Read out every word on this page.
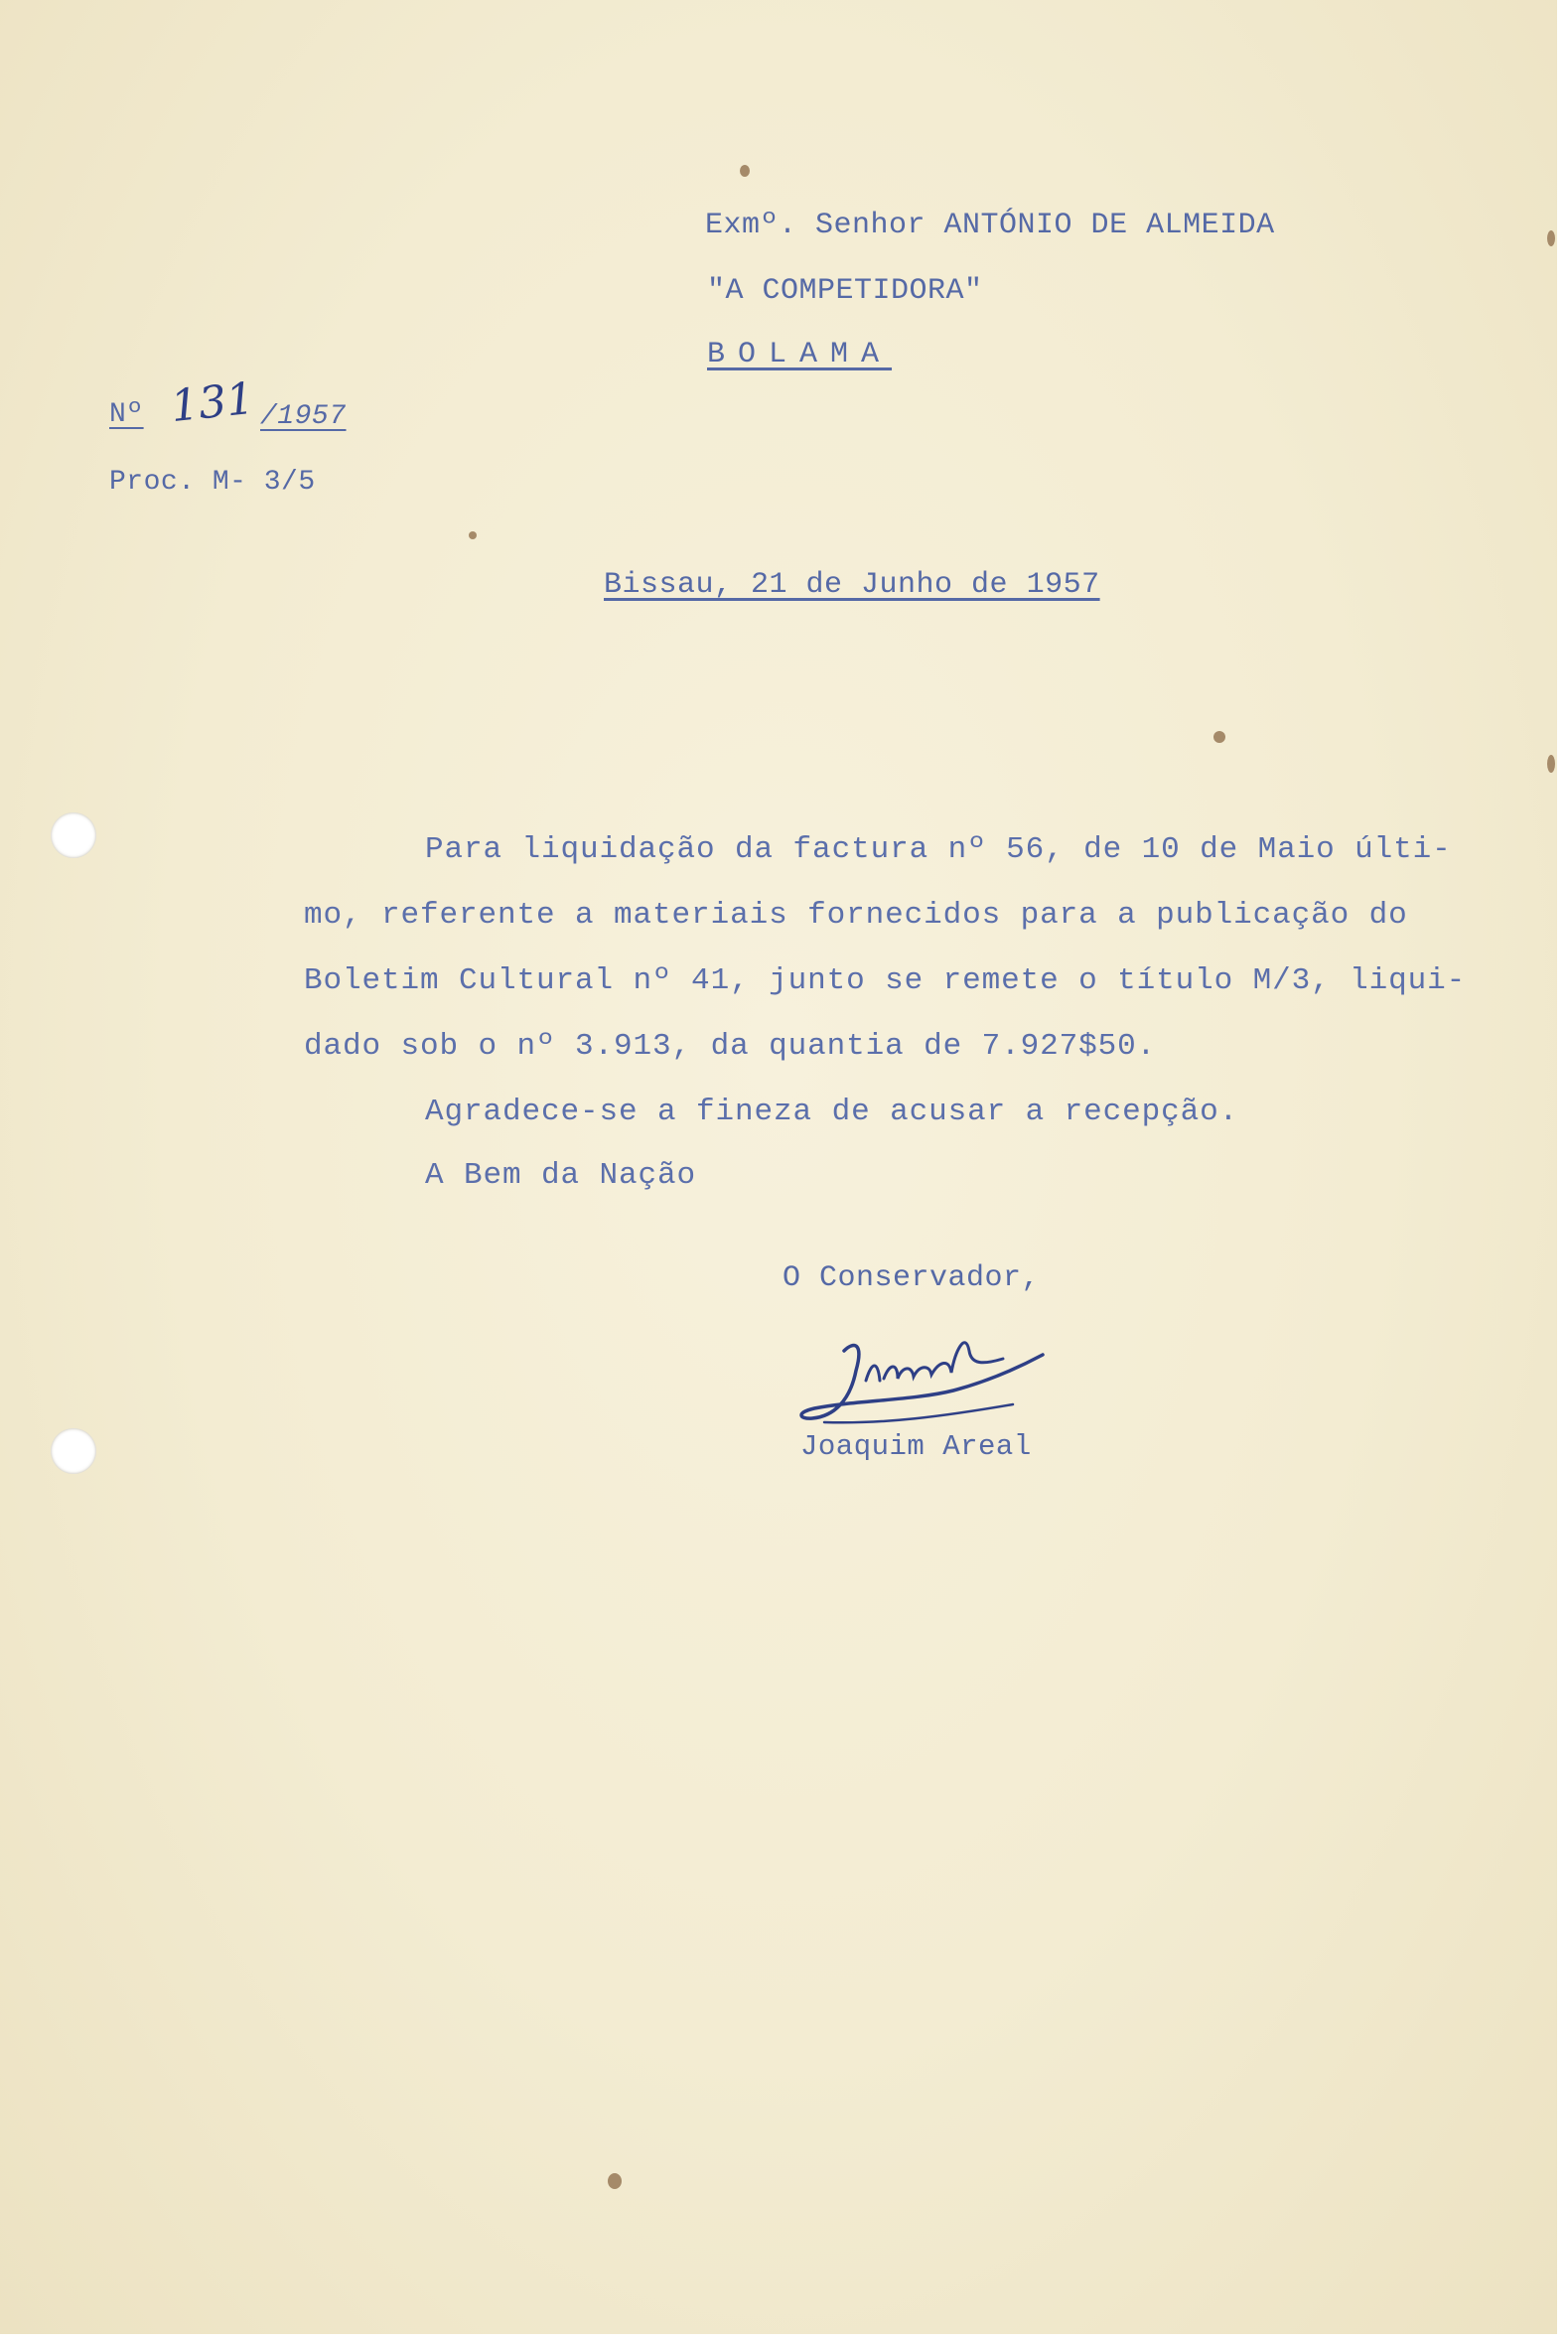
Exmº. Senhor ANTÓNIO DE ALMEIDA

"A COMPETIDORA"

BOLAMA

Nº 131 /1957

Proc. M- 3/5

Bissau, 21 de Junho de 1957

Para liquidação da factura nº 56, de 10 de Maio últi-

mo, referente a materiais fornecidos para a publicação do

Boletim Cultural nº 41, junto se remete o título M/3, liqui-

dado sob o nº 3.913, da quantia de 7.927$50.

Agradece-se a fineza de acusar a recepção.

A Bem da Nação

O Conservador,

Joaquim Areal
